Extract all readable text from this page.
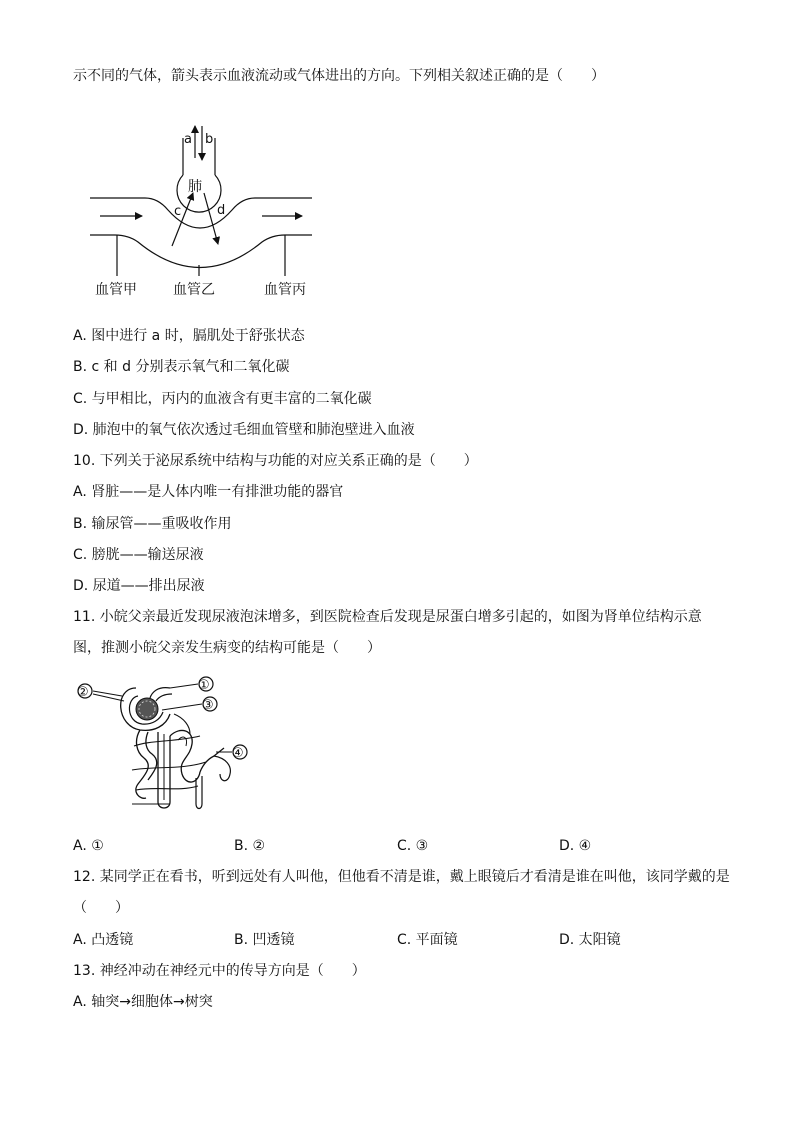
示不同的气体，箭头表示血液流动或气体进出的方向。下列相关叙述正确的是（　　）
肺
a b
c	d
血管甲	血管乙	血管丙
A. 图中进行 a 时，膈肌处于舒张状态
B. c 和 d 分别表示氧气和二氧化碳
C. 与甲相比，丙内的血液含有更丰富的二氧化碳
D. 肺泡中的氧气依次透过毛细血管壁和肺泡壁进入血液
10. 下列关于泌尿系统中结构与功能的对应关系正确的是（　　）
A. 肾脏——是人体内唯一有排泄功能的器官
B. 输尿管——重吸收作用
C. 膀胱——输送尿液
D. 尿道——排出尿液
11. 小皖父亲最近发现尿液泡沫增多，到医院检查后发现是尿蛋白增多引起的，如图为肾单位结构示意
图，推测小皖父亲发生病变的结构可能是（　　）
②	①
③
④
A. ①	B. ②	C. ③	D. ④
12. 某同学正在看书，听到远处有人叫他，但他看不清是谁，戴上眼镜后才看清是谁在叫他，该同学戴的是
（　　）
A. 凸透镜	B. 凹透镜	C. 平面镜	D. 太阳镜
13. 神经冲动在神经元中的传导方向是（　　）
A. 轴突→细胞体→树突
